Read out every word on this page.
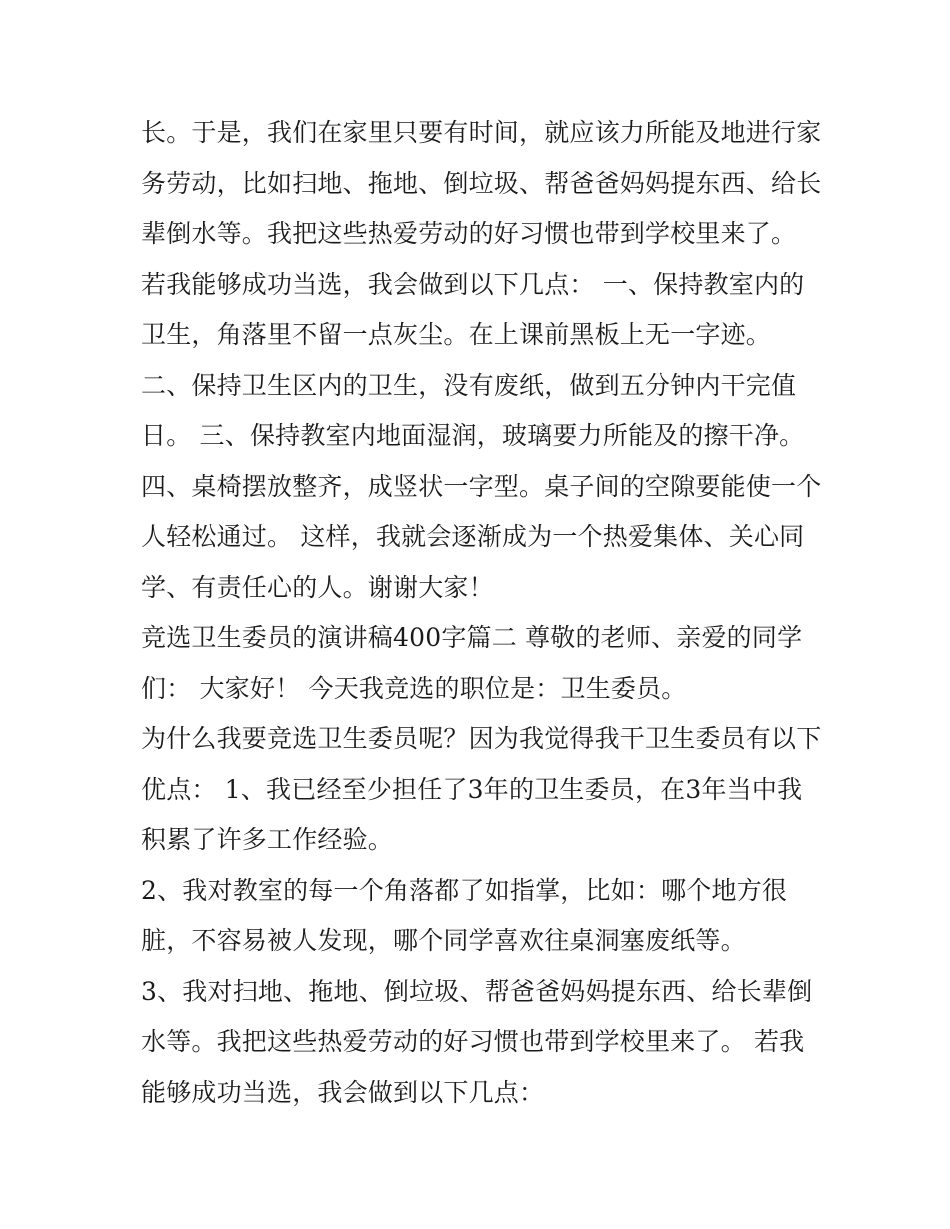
长。于是，我们在家里只要有时间，就应该力所能及地进行家
务劳动，比如扫地、拖地、倒垃圾、帮爸爸妈妈提东西、给长
辈倒水等。我把这些热爱劳动的好习惯也带到学校里来了。
若我能够成功当选，我会做到以下几点： 一、保持教室内的
卫生，角落里不留一点灰尘。在上课前黑板上无一字迹。
二、保持卫生区内的卫生，没有废纸，做到五分钟内干完值
日。 三、保持教室内地面湿润，玻璃要力所能及的擦干净。
四、桌椅摆放整齐，成竖状一字型。桌子间的空隙要能使一个
人轻松通过。 这样，我就会逐渐成为一个热爱集体、关心同
学、有责任心的人。谢谢大家！
竞选卫生委员的演讲稿400字篇二 尊敬的老师、亲爱的同学
们： 大家好！ 今天我竞选的职位是：卫生委员。
为什么我要竞选卫生委员呢？因为我觉得我干卫生委员有以下
优点： 1、我已经至少担任了3年的卫生委员，在3年当中我
积累了许多工作经验。
2、我对教室的每一个角落都了如指掌，比如：哪个地方很
脏，不容易被人发现，哪个同学喜欢往桌洞塞废纸等。
3、我对扫地、拖地、倒垃圾、帮爸爸妈妈提东西、给长辈倒
水等。我把这些热爱劳动的好习惯也带到学校里来了。 若我
能够成功当选，我会做到以下几点：
